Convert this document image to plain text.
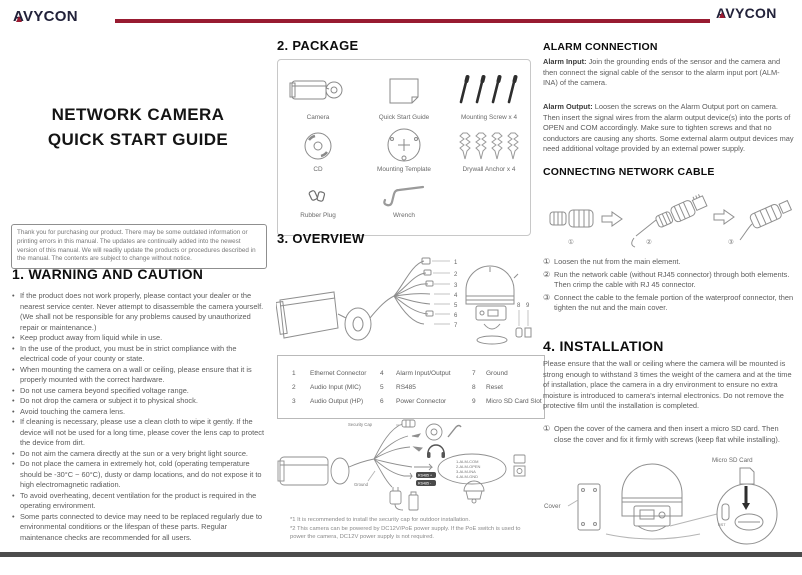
AVYCON	AVYCON
NETWORK CAMERA
QUICK START GUIDE
Thank you for purchasing our product. There may be some outdated information or printing errors in this manual. The updates are continually added into the newest version of this manual. We will readily update the products or procedures described in the manual. The contents are subject to change without notice.
1. WARNING AND CAUTION
• If the product does not work properly, please contact your dealer or the nearest service center. Never attempt to disassemble the camera yourself. (We shall not be responsible for any problems caused by unauthorized repair or maintenance.)
• Keep product away from liquid while in use.
• In the use of the product, you must be in strict compliance with the electrical code of your county or state.
• When mounting the camera on a wall or ceiling, please ensure that it is properly mounted with the correct hardware.
• Do not use camera beyond specified voltage range.
• Do not drop the camera or subject it to physical shock.
• Avoid touching the camera lens.
• If cleaning is necessary, please use a clean cloth to wipe it gently. If the device will not be used for a long time, please cover the lens cap to protect the device from dirt.
• Do not aim the camera directly at the sun or a very bright light source.
• Do not place the camera in extremely hot, cold (operating temperature should be -30°C ~ 60°C), dusty or damp locations, and do not expose it to high electromagnetic radiation.
• To avoid overheating, decent ventilation for the product is required in the operating environment.
• Some parts connected to device may need to be replaced regularly due to environmental conditions or the lifespan of these parts. Regular maintenance checks are recommended for all users.
2. PACKAGE
Camera	Quick Start Guide	Mounting Screw x 4
CD	Mounting Template	Drywall Anchor x 4
Rubber Plug	Wrench
3. OVERVIEW
1
2
3
4
5
6
7
8 9
1	Ethernet Connector	4	Alarm Input/Output	7	Ground
2	Audio Input (MIC)	5	RS485	8	Reset
3	Audio Output (HP)	6	Power Connector	9	Micro SD Card Slot
Security Cap
Ground
1-ALM-COM
2-ALM-OPEN
3-ALM-INA
4-ALM-GND
RS485 +
RS485 -
*1 It is recommended to install the security cap for outdoor installation.
*2 This camera can be powered by DC12V/PoE power supply. If the PoE switch is used to power the camera, DC12V power supply is not required.
ALARM CONNECTION
Alarm Input: Join the grounding ends of the sensor and the camera and then connect the signal cable of the sensor to the alarm input port (ALM-INA) of the camera.
Alarm Output: Loosen the screws on the Alarm Output port on camera. Then insert the signal wires from the alarm output device(s) into the ports of OPEN and COM accordingly. Make sure to tighten screws and that no conductors are causing any shorts. Some external alarm output devices may need additional voltage provided by an external power supply.
CONNECTING NETWORK CABLE
①	②	③
① Loosen the nut from the main element.
② Run the network cable (without RJ45 connector) through both elements. Then crimp the cable with RJ 45 connector.
③ Connect the cable to the female portion of the waterproof connector, then tighten the nut and the main cover.
4. INSTALLATION
Please ensure that the wall or ceiling where the camera will be mounted is strong enough to withstand 3 times the weight of the camera and at the time of installation, place the camera in a dry environment to ensure no extra moisture is introduced to camera's internal electronics. Do not remove the protective film until the installation is completed.
① Open the cover of the camera and then insert a micro SD card. Then close the cover and fix it firmly with screws (keep flat while installing).
RST
Cover
Micro SD Card
